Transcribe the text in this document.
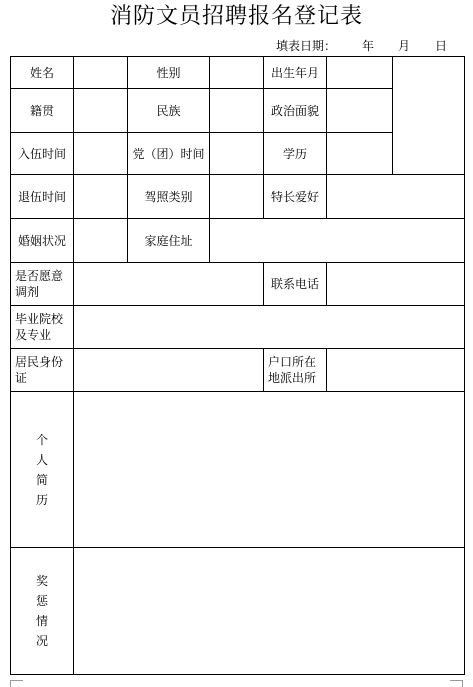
消防文员招聘报名登记表
填表日期： 年 月 日
姓名		性别		出生年月		
籍贯		民族		政治面貌		
入伍时间		党（团）时间		学历		
退伍时间		驾照类别		特长爱好		
婚姻状况		家庭住址				
是否愿意调剂				联系电话		
毕业院校及专业						
居民身份证				户口所在地派出所		
个人简历						
奖惩情况						
